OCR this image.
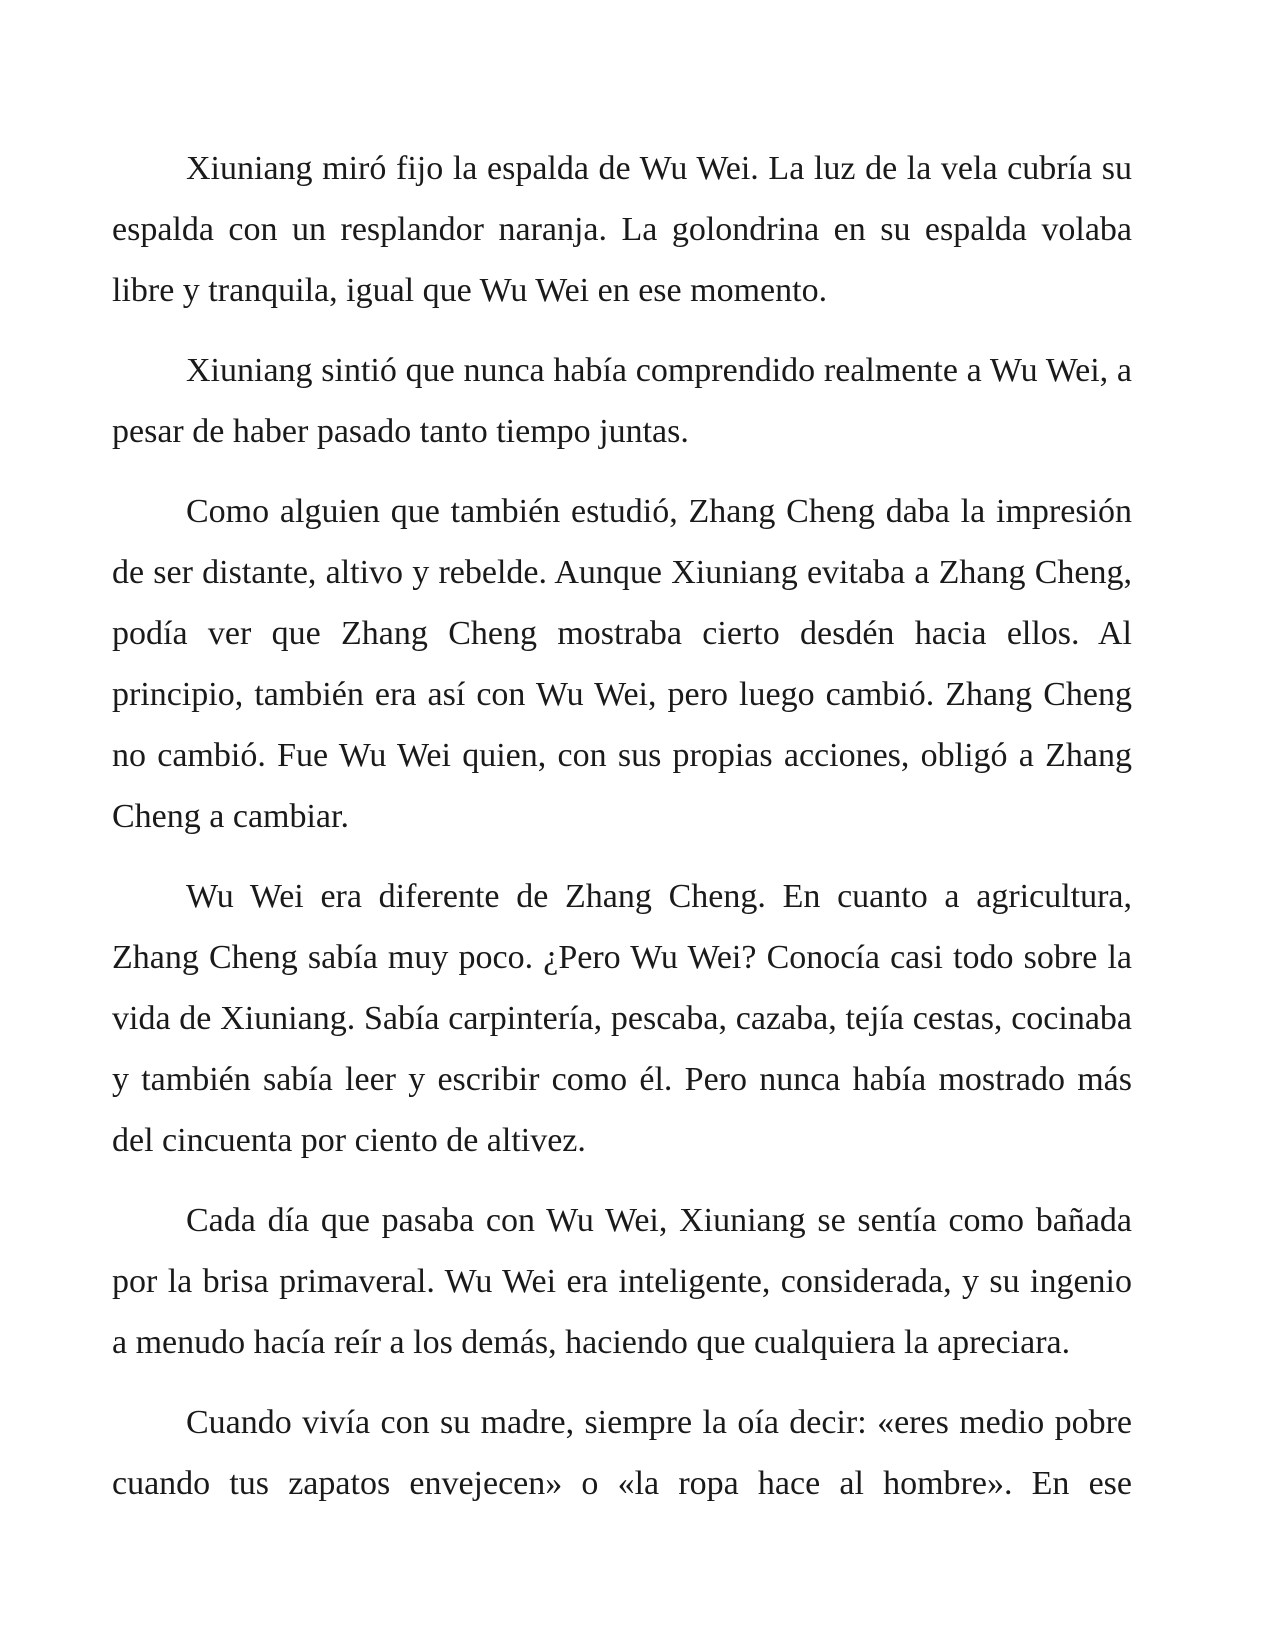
Xiuniang miró fijo la espalda de Wu Wei. La luz de la vela cubría su espalda con un resplandor naranja. La golondrina en su espalda volaba libre y tranquila, igual que Wu Wei en ese momento.

Xiuniang sintió que nunca había comprendido realmente a Wu Wei, a pesar de haber pasado tanto tiempo juntas.

Como alguien que también estudió, Zhang Cheng daba la impresión de ser distante, altivo y rebelde. Aunque Xiuniang evitaba a Zhang Cheng, podía ver que Zhang Cheng mostraba cierto desdén hacia ellos. Al principio, también era así con Wu Wei, pero luego cambió. Zhang Cheng no cambió. Fue Wu Wei quien, con sus propias acciones, obligó a Zhang Cheng a cambiar.

Wu Wei era diferente de Zhang Cheng. En cuanto a agricultura, Zhang Cheng sabía muy poco. ¿Pero Wu Wei? Conocía casi todo sobre la vida de Xiuniang. Sabía carpintería, pescaba, cazaba, tejía cestas, cocinaba y también sabía leer y escribir como él. Pero nunca había mostrado más del cincuenta por ciento de altivez.

Cada día que pasaba con Wu Wei, Xiuniang se sentía como bañada por la brisa primaveral. Wu Wei era inteligente, considerada, y su ingenio a menudo hacía reír a los demás, haciendo que cualquiera la apreciara.

Cuando vivía con su madre, siempre la oía decir: «eres medio pobre cuando tus zapatos envejecen» o «la ropa hace al hombre». En ese
